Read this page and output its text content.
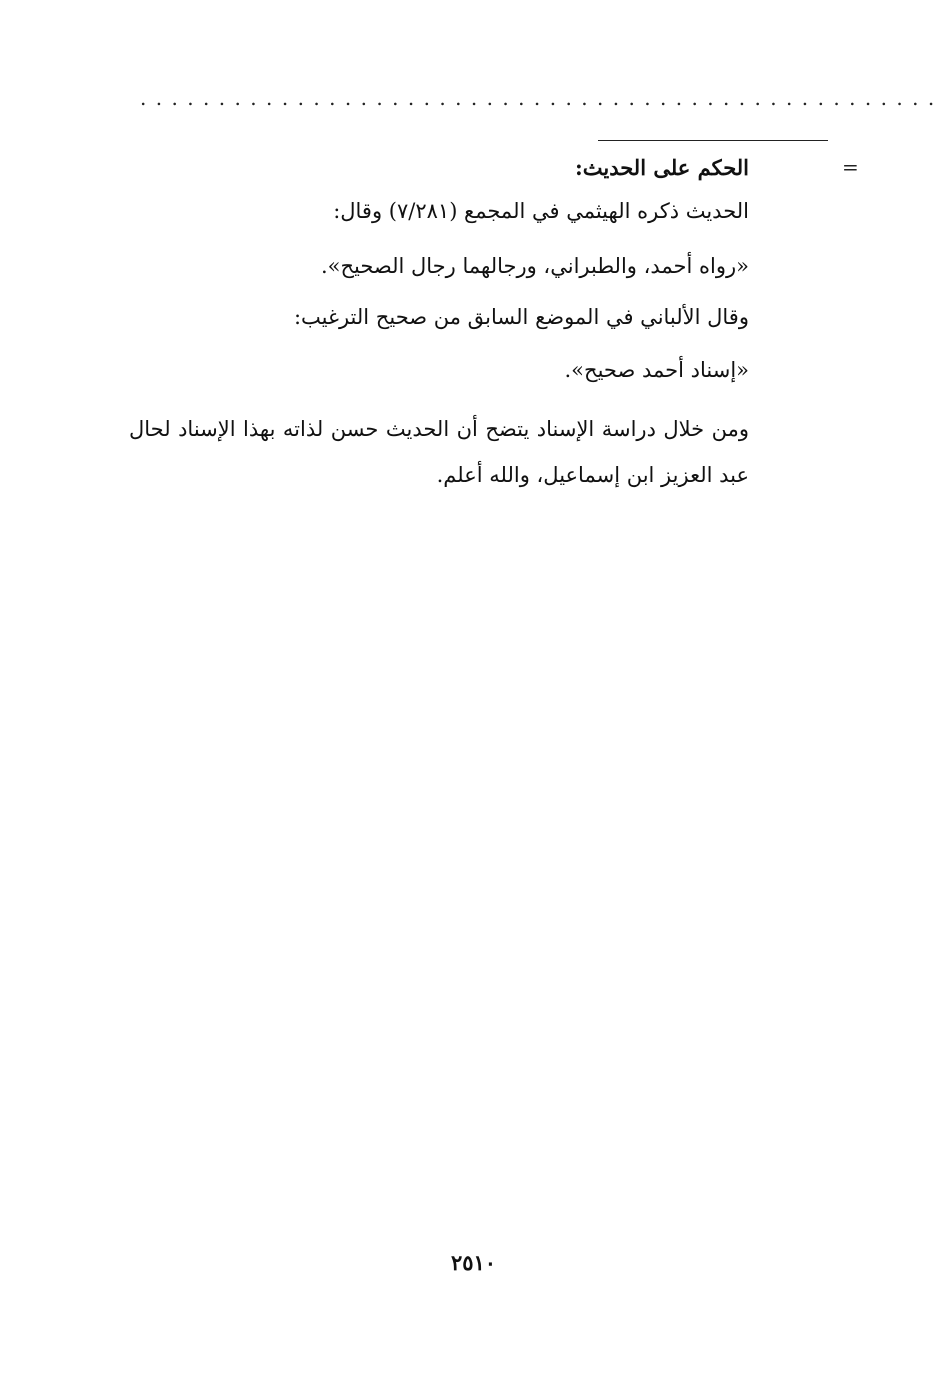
...................................................
=
الحكم على الحديث:
الحديث ذكره الهيثمي في المجمع (٧/٢٨١) وقال:
«رواه أحمد، والطبراني، ورجالهما رجال الصحيح».
وقال الألباني في الموضع السابق من صحيح الترغيب:
«إسناد أحمد صحيح».
ومن خلال دراسة الإسناد يتضح أن الحديث حسن لذاته بهذا الإسناد لحال عبد العزيز ابن إسماعيل، والله أعلم.
٢٥١٠
